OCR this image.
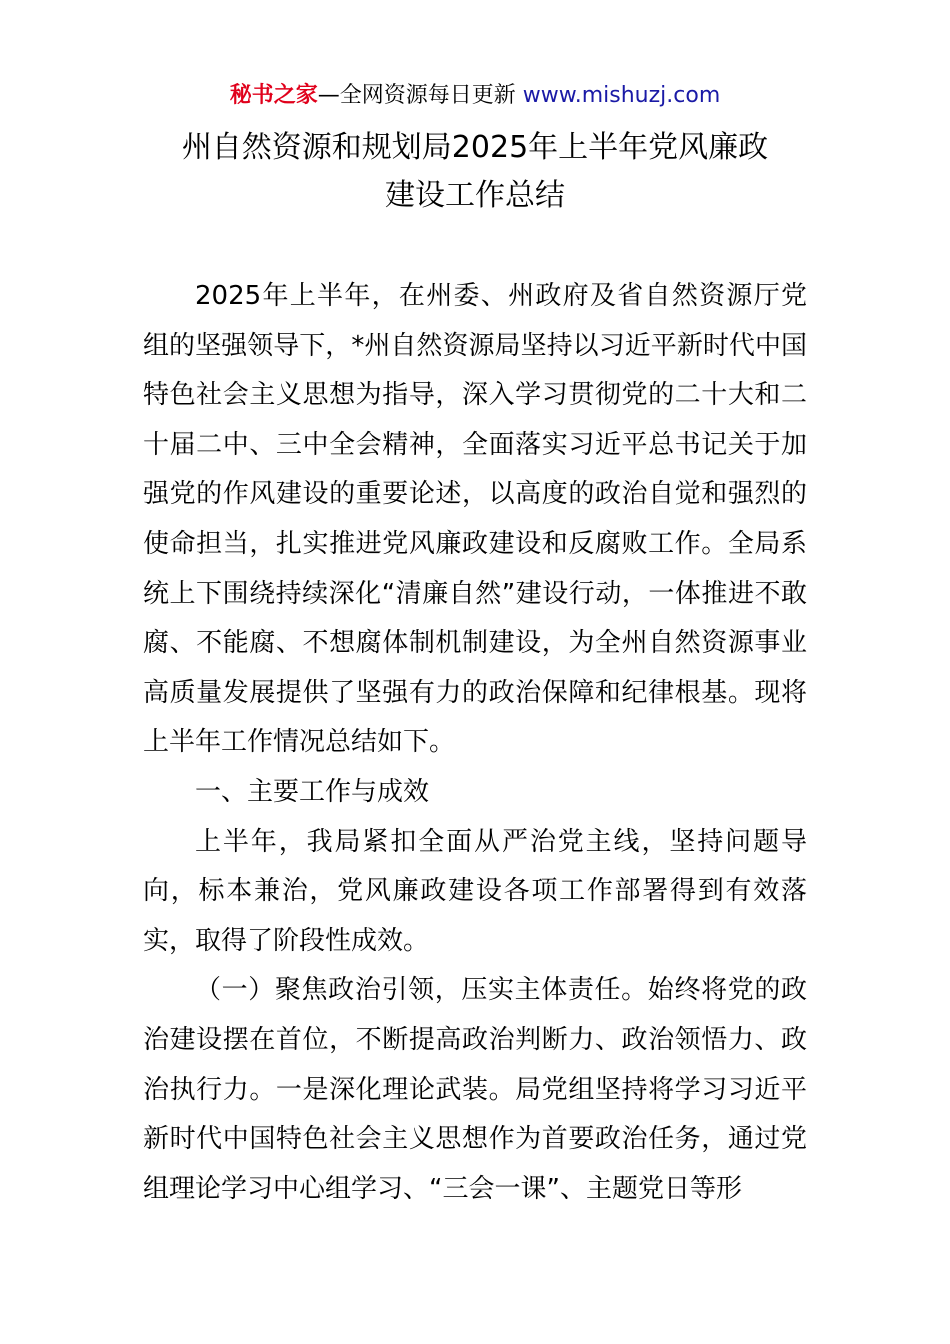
秘书之家—全网资源每日更新 www.mishuzj.com
州自然资源和规划局2025年上半年党风廉政
建设工作总结

2025年上半年，在州委、州政府及省自然资源厅党组的坚强领导下，*州自然资源局坚持以习近平新时代中国特色社会主义思想为指导，深入学习贯彻党的二十大和二十届二中、三中全会精神，全面落实习近平总书记关于加强党的作风建设的重要论述，以高度的政治自觉和强烈的使命担当，扎实推进党风廉政建设和反腐败工作。全局系统上下围绕持续深化“清廉自然”建设行动，一体推进不敢腐、不能腐、不想腐体制机制建设，为全州自然资源事业高质量发展提供了坚强有力的政治保障和纪律根基。现将上半年工作情况总结如下。

一、主要工作与成效

上半年，我局紧扣全面从严治党主线，坚持问题导向，标本兼治，党风廉政建设各项工作部署得到有效落实，取得了阶段性成效。

（一）聚焦政治引领，压实主体责任。始终将党的政治建设摆在首位，不断提高政治判断力、政治领悟力、政治执行力。一是深化理论武装。局党组坚持将学习习近平新时代中国特色社会主义思想作为首要政治任务，通过党组理论学习中心组学习、“三会一课”、主题党日等形
